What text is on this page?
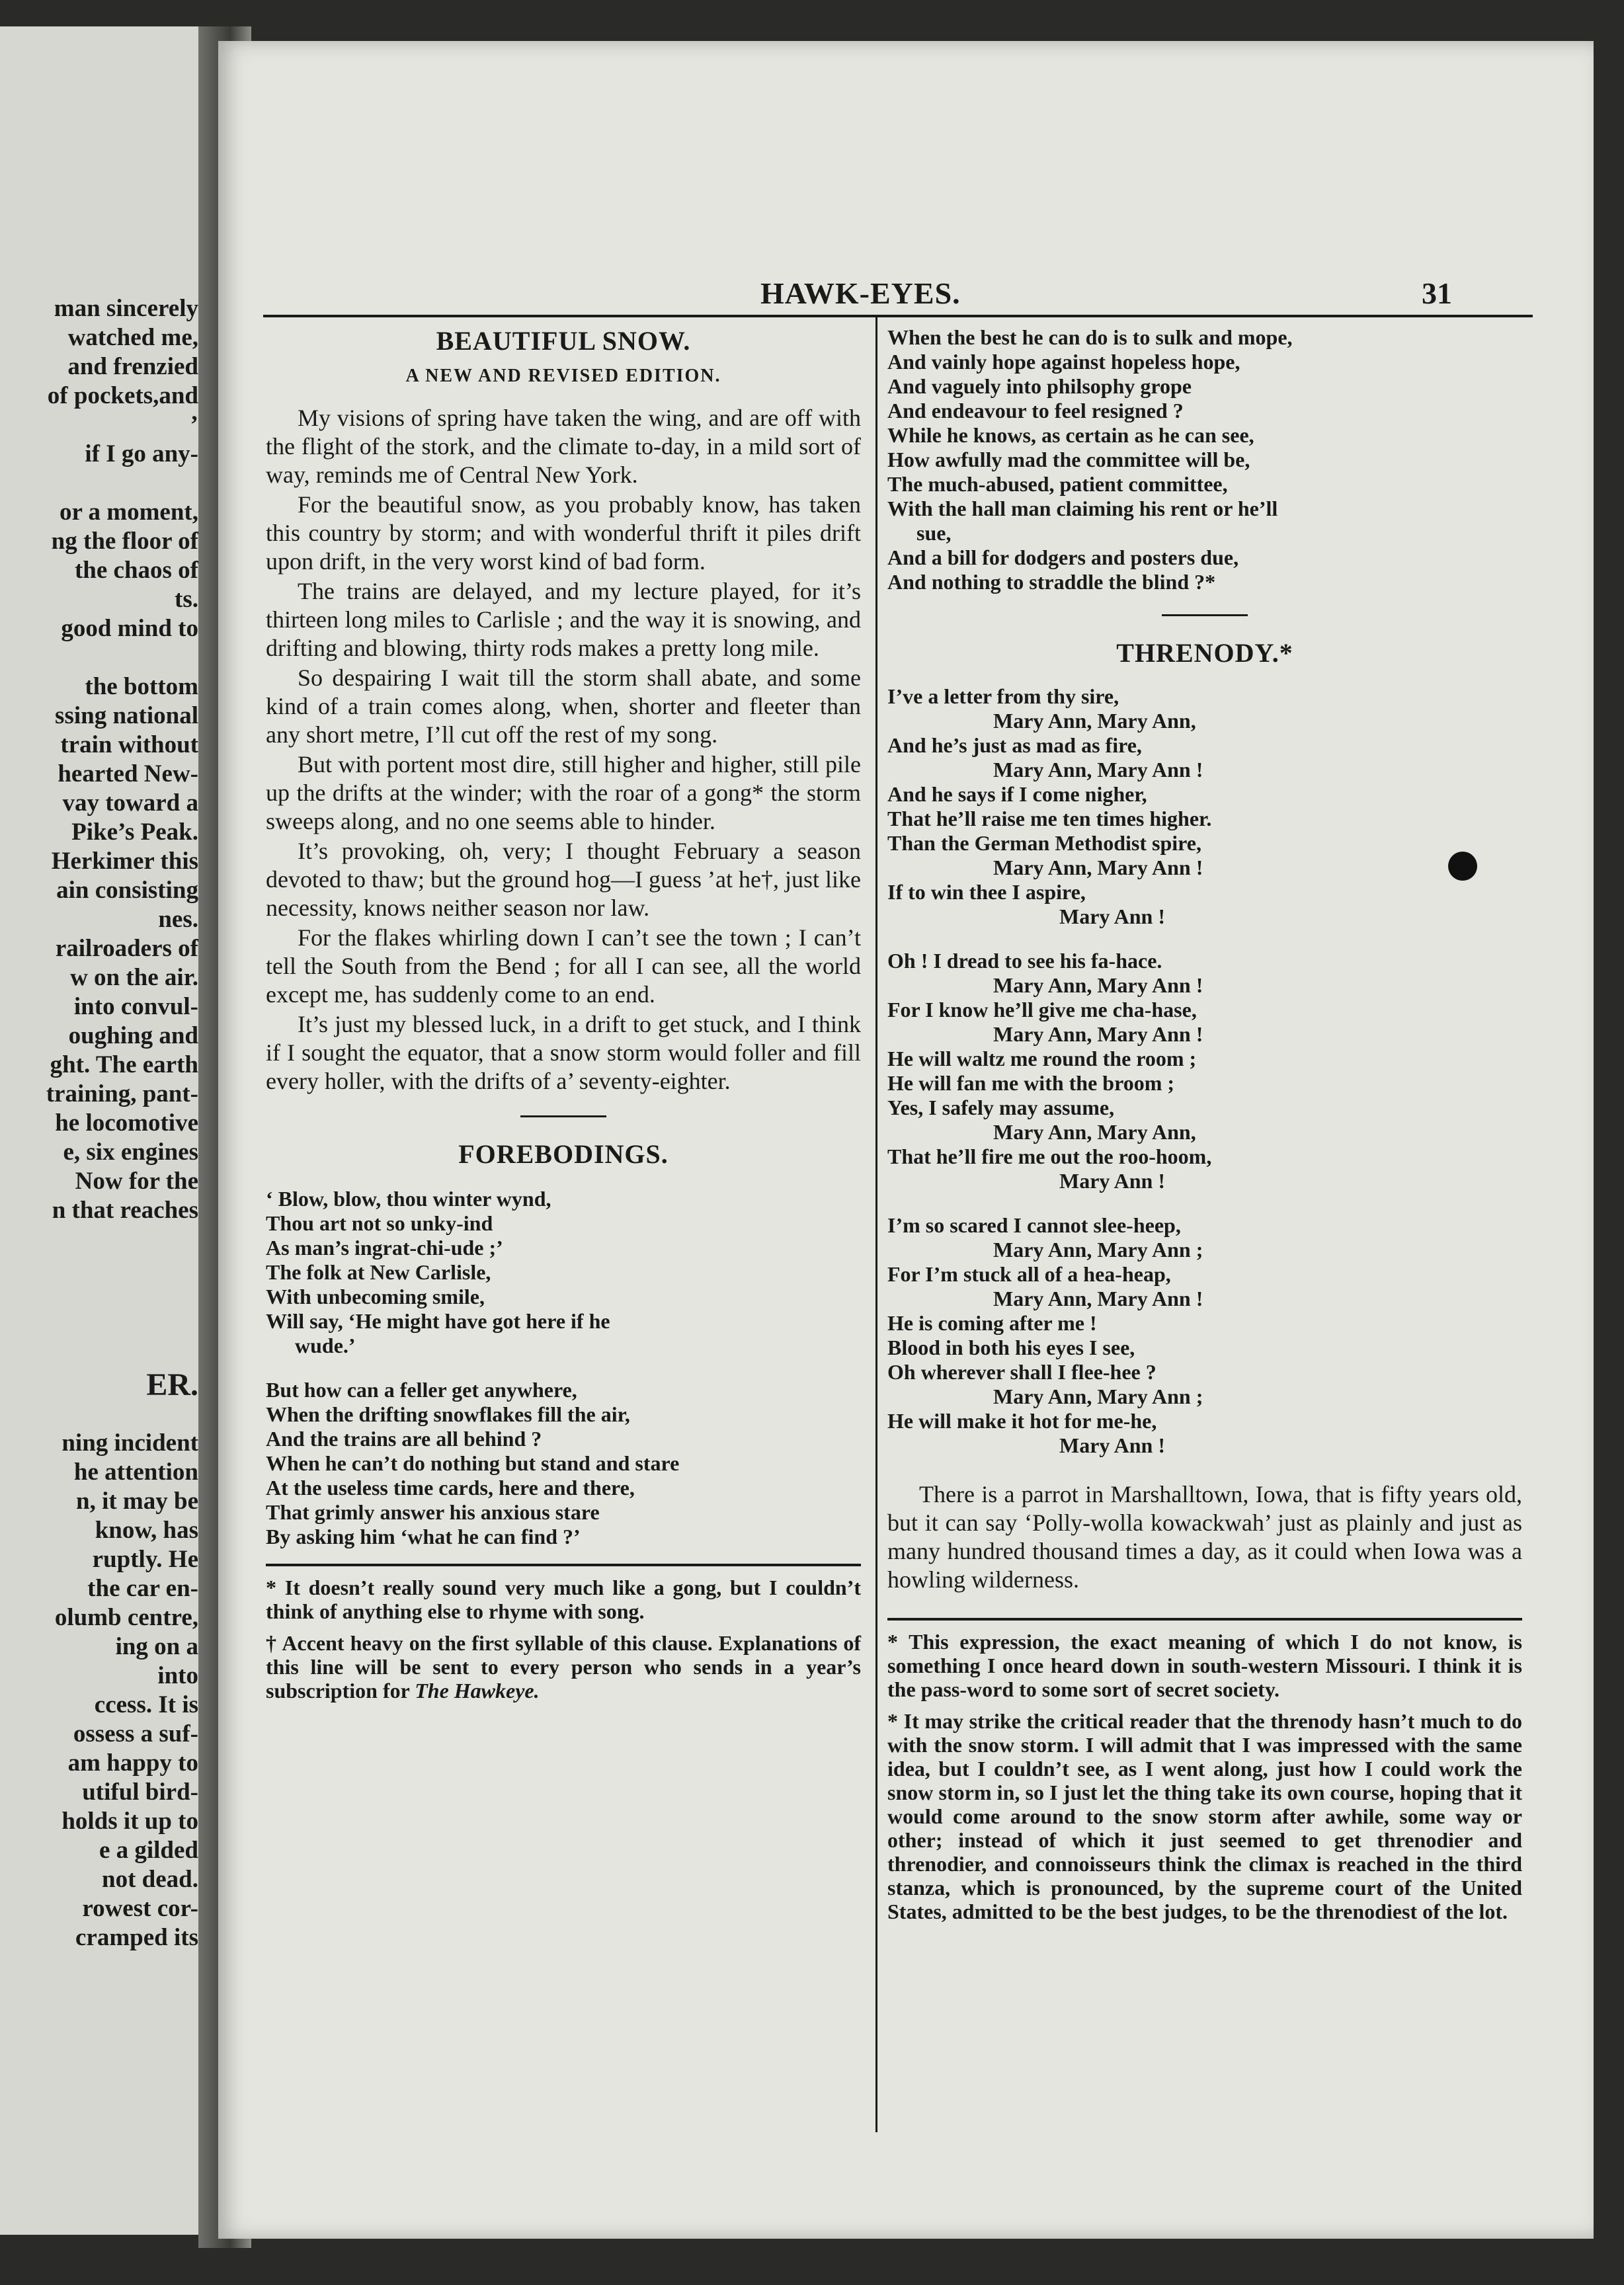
man sincerely
watched me,
and frenzied
of pockets,and
’
if I go any-
or a moment,
ng the floor of
the chaos of
ts.
good mind to
the bottom
ssing national
train without
hearted New-
vay toward a
Pike’s Peak.
Herkimer this
ain consisting
nes.
railroaders of
w on the air.
into convul-
oughing and
ght. The earth
training, pant-
he locomotive
e, six engines
Now for the
n that reaches
ER.
ning incident
he attention
n, it may be
know, has
ruptly. He
the car en-
olumb centre,
ing on a
into
ccess. It is
ossess a suf-
am happy to
utiful bird-
holds it up to
e a gilded
not dead.
rowest cor-
cramped its
HAWK-EYES.	31
BEAUTIFUL SNOW.
A NEW AND REVISED EDITION.

My visions of spring have taken the wing, and are off with the flight of the stork, and the climate to-day, in a mild sort of way, reminds me of Central New York.

For the beautiful snow, as you probably know, has taken this country by storm; and with wonderful thrift it piles drift upon drift, in the very worst kind of bad form.

The trains are delayed, and my lecture played, for it’s thirteen long miles to Carlisle ; and the way it is snowing, and drifting and blowing, thirty rods makes a pretty long mile.

So despairing I wait till the storm shall abate, and some kind of a train comes along, when, shorter and fleeter than any short metre, I’ll cut off the rest of my song.

But with portent most dire, still higher and higher, still pile up the drifts at the winder; with the roar of a gong* the storm sweeps along, and no one seems able to hinder.

It’s provoking, oh, very; I thought February a season devoted to thaw; but the ground hog—I guess ’at he†, just like necessity, knows neither season nor law.

For the flakes whirling down I can’t see the town ; I can’t tell the South from the Bend ; for all I can see, all the world except me, has suddenly come to an end.

It’s just my blessed luck, in a drift to get stuck, and I think if I sought the equator, that a snow storm would foller and fill every holler, with the drifts of a’ seventy-eighter.

FOREBODINGS.
‘ Blow, blow, thou winter wynd,
Thou art not so unky-ind
As man’s ingrat-chi-ude ;’
The folk at New Carlisle,
With unbecoming smile,
Will say, ‘He might have got here if he
wude.’
But how can a feller get anywhere,
When the drifting snowflakes fill the air,
And the trains are all behind ?
When he can’t do nothing but stand and stare
At the useless time cards, here and there,
That grimly answer his anxious stare
By asking him ‘what he can find ?’

* It doesn’t really sound very much like a gong, but I couldn’t think of anything else to rhyme with song.

† Accent heavy on the first syllable of this clause. Explanations of this line will be sent to every person who sends in a year’s subscription for The Hawkeye.

When the best he can do is to sulk and mope,
And vainly hope against hopeless hope,
And vaguely into philsophy grope
And endeavour to feel resigned ?
While he knows, as certain as he can see,
How awfully mad the committee will be,
The much-abused, patient committee,
With the hall man claiming his rent or he’ll
sue,
And a bill for dodgers and posters due,
And nothing to straddle the blind ?*
THRENODY.*
I’ve a letter from thy sire,
Mary Ann, Mary Ann,
And he’s just as mad as fire,
Mary Ann, Mary Ann !
And he says if I come nigher,
That he’ll raise me ten times higher.
Than the German Methodist spire,
Mary Ann, Mary Ann !
If to win thee I aspire,
Mary Ann !
Oh ! I dread to see his fa-hace.
Mary Ann, Mary Ann !
For I know he’ll give me cha-hase,
Mary Ann, Mary Ann !
He will waltz me round the room ;
He will fan me with the broom ;
Yes, I safely may assume,
Mary Ann, Mary Ann,
That he’ll fire me out the roo-hoom,
Mary Ann !
I’m so scared I cannot slee-heep,
Mary Ann, Mary Ann ;
For I’m stuck all of a hea-heap,
Mary Ann, Mary Ann !
He is coming after me !
Blood in both his eyes I see,
Oh wherever shall I flee-hee ?
Mary Ann, Mary Ann ;
He will make it hot for me-he,
Mary Ann !

There is a parrot in Marshalltown, Iowa, that is fifty years old, but it can say ‘Polly-wolla kowackwah’ just as plainly and just as many hundred thousand times a day, as it could when Iowa was a howling wilderness.

* This expression, the exact meaning of which I do not know, is something I once heard down in south-western Missouri. I think it is the pass-word to some sort of secret society.

* It may strike the critical reader that the threnody hasn’t much to do with the snow storm. I will admit that I was impressed with the same idea, but I couldn’t see, as I went along, just how I could work the snow storm in, so I just let the thing take its own course, hoping that it would come around to the snow storm after awhile, some way or other; instead of which it just seemed to get threnodier and threnodier, and connoisseurs think the climax is reached in the third stanza, which is pronounced, by the supreme court of the United States, admitted to be the best judges, to be the threnodiest of the lot.
